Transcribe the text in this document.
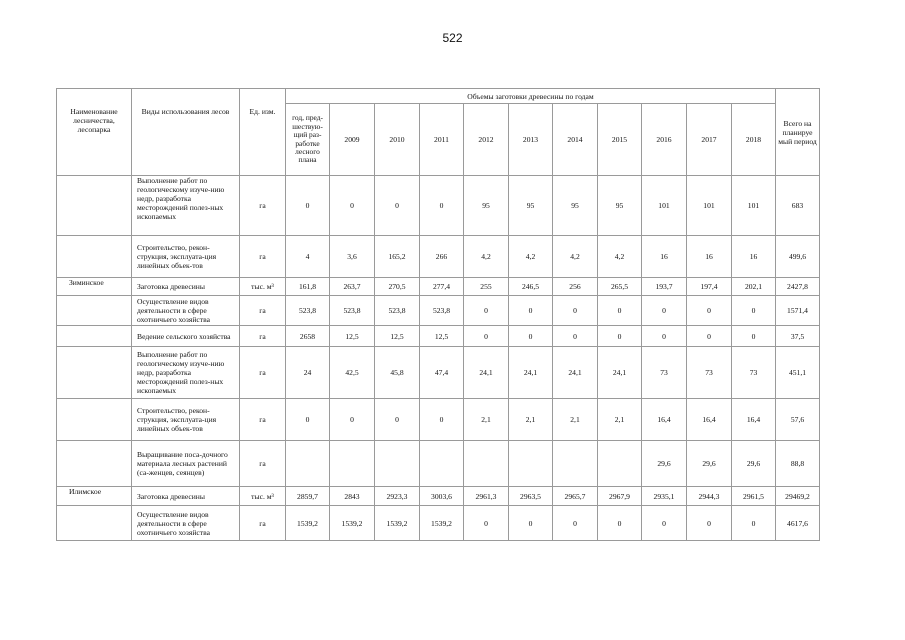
522
Наименование лесничества, лесопарка	Виды использования лесов	Ед. изм.	Объемы заготовки древесины по годам											Всего на планируе мый период
			год, пред-шествую-щий раз-работке лесного плана	2009	2010	2011	2012	2013	2014	2015	2016	2017	2018	
	Выполнение работ по геологическому изуче-нию недр, разработка месторождений полез-ных ископаемых	га	0	0	0	0	95	95	95	95	101	101	101	683
	Строительство, рекон-струкция, эксплуата-ция линейных объек-тов	га	4	3,6	165,2	266	4,2	4,2	4,2	4,2	16	16	16	499,6
Зиминское	Заготовка древесины	тыс. м³	161,8	263,7	270,5	277,4	255	246,5	256	265,5	193,7	197,4	202,1	2427,8
	Осуществление видов деятельности в сфере охотничьего хозяйства	га	523,8	523,8	523,8	523,8	0	0	0	0	0	0	0	1571,4
	Ведение сельского хозяйства	га	2658	12,5	12,5	12,5	0	0	0	0	0	0	0	37,5
	Выполнение работ по геологическому изуче-нию недр, разработка месторождений полез-ных ископаемых	га	24	42,5	45,8	47,4	24,1	24,1	24,1	24,1	73	73	73	451,1
	Строительство, рекон-струкция, эксплуата-ция линейных объек-тов	га	0	0	0	0	2,1	2,1	2,1	2,1	16,4	16,4	16,4	57,6
	Выращивание поса-дочного материала лесных растений (са-женцев, сеянцев)	га									29,6	29,6	29,6	88,8
Илимское	Заготовка древесины	тыс. м³	2859,7	2843	2923,3	3003,6	2961,3	2963,5	2965,7	2967,9	2935,1	2944,3	2961,5	29469,2
	Осуществление видов деятельности в сфере охотничьего хозяйства	га	1539,2	1539,2	1539,2	1539,2	0	0	0	0	0	0	0	4617,6
